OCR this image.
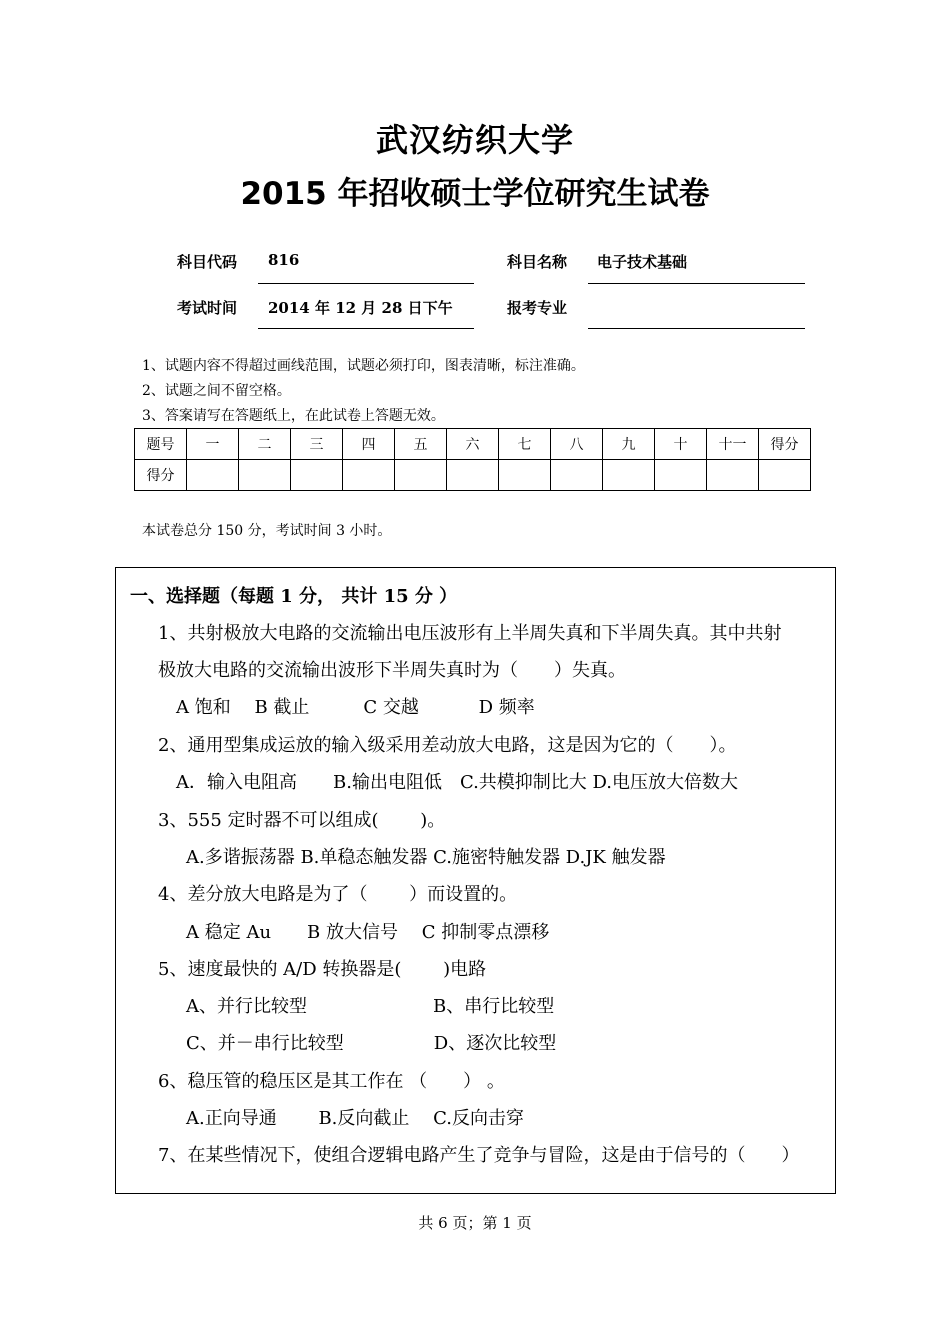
武汉纺织大学
2015 年招收硕士学位研究生试卷
科目代码 816	科目名称 电子技术基础
考试时间 2014 年 12 月 28 日下午	报考专业
1、试题内容不得超过画线范围，试题必须打印，图表清晰，标注准确。
2、试题之间不留空格。
3、答案请写在答题纸上，在此试卷上答题无效。
题号	一	二	三	四	五	六	七	八	九	十	十一	得分
得分												
本试卷总分 150 分，考试时间 3 小时。
一、选择题（每题 1 分， 共计 15 分 ）
1、共射极放大电路的交流输出电压波形有上半周失真和下半周失真。其中共射
极放大电路的交流输出波形下半周失真时为（　　）失真。
A 饱和　 B 截止　　　C 交越　　　 D 频率
2、通用型集成运放的输入级采用差动放大电路，这是因为它的（　　）。
A．输入电阻高　　B.输出电阻低　C.共模抑制比大 D.电压放大倍数大
3、555 定时器不可以组成(　　 )。
A.多谐振荡器 B.单稳态触发器 C.施密特触发器 D.JK 触发器
4、差分放大电路是为了（　　 ）而设置的。
A 稳定 Au　　B 放大信号　 C 抑制零点漂移
5、速度最快的 A/D 转换器是(　　 )电路
A、并行比较型　　　　　　　B、串行比较型
C、并－串行比较型　　　　　D、逐次比较型
6、稳压管的稳压区是其工作在 （　　） 。
A.正向导通　　 B.反向截止　 C.反向击穿
7、在某些情况下，使组合逻辑电路产生了竞争与冒险，这是由于信号的（　　）
共 6 页；第 1 页
